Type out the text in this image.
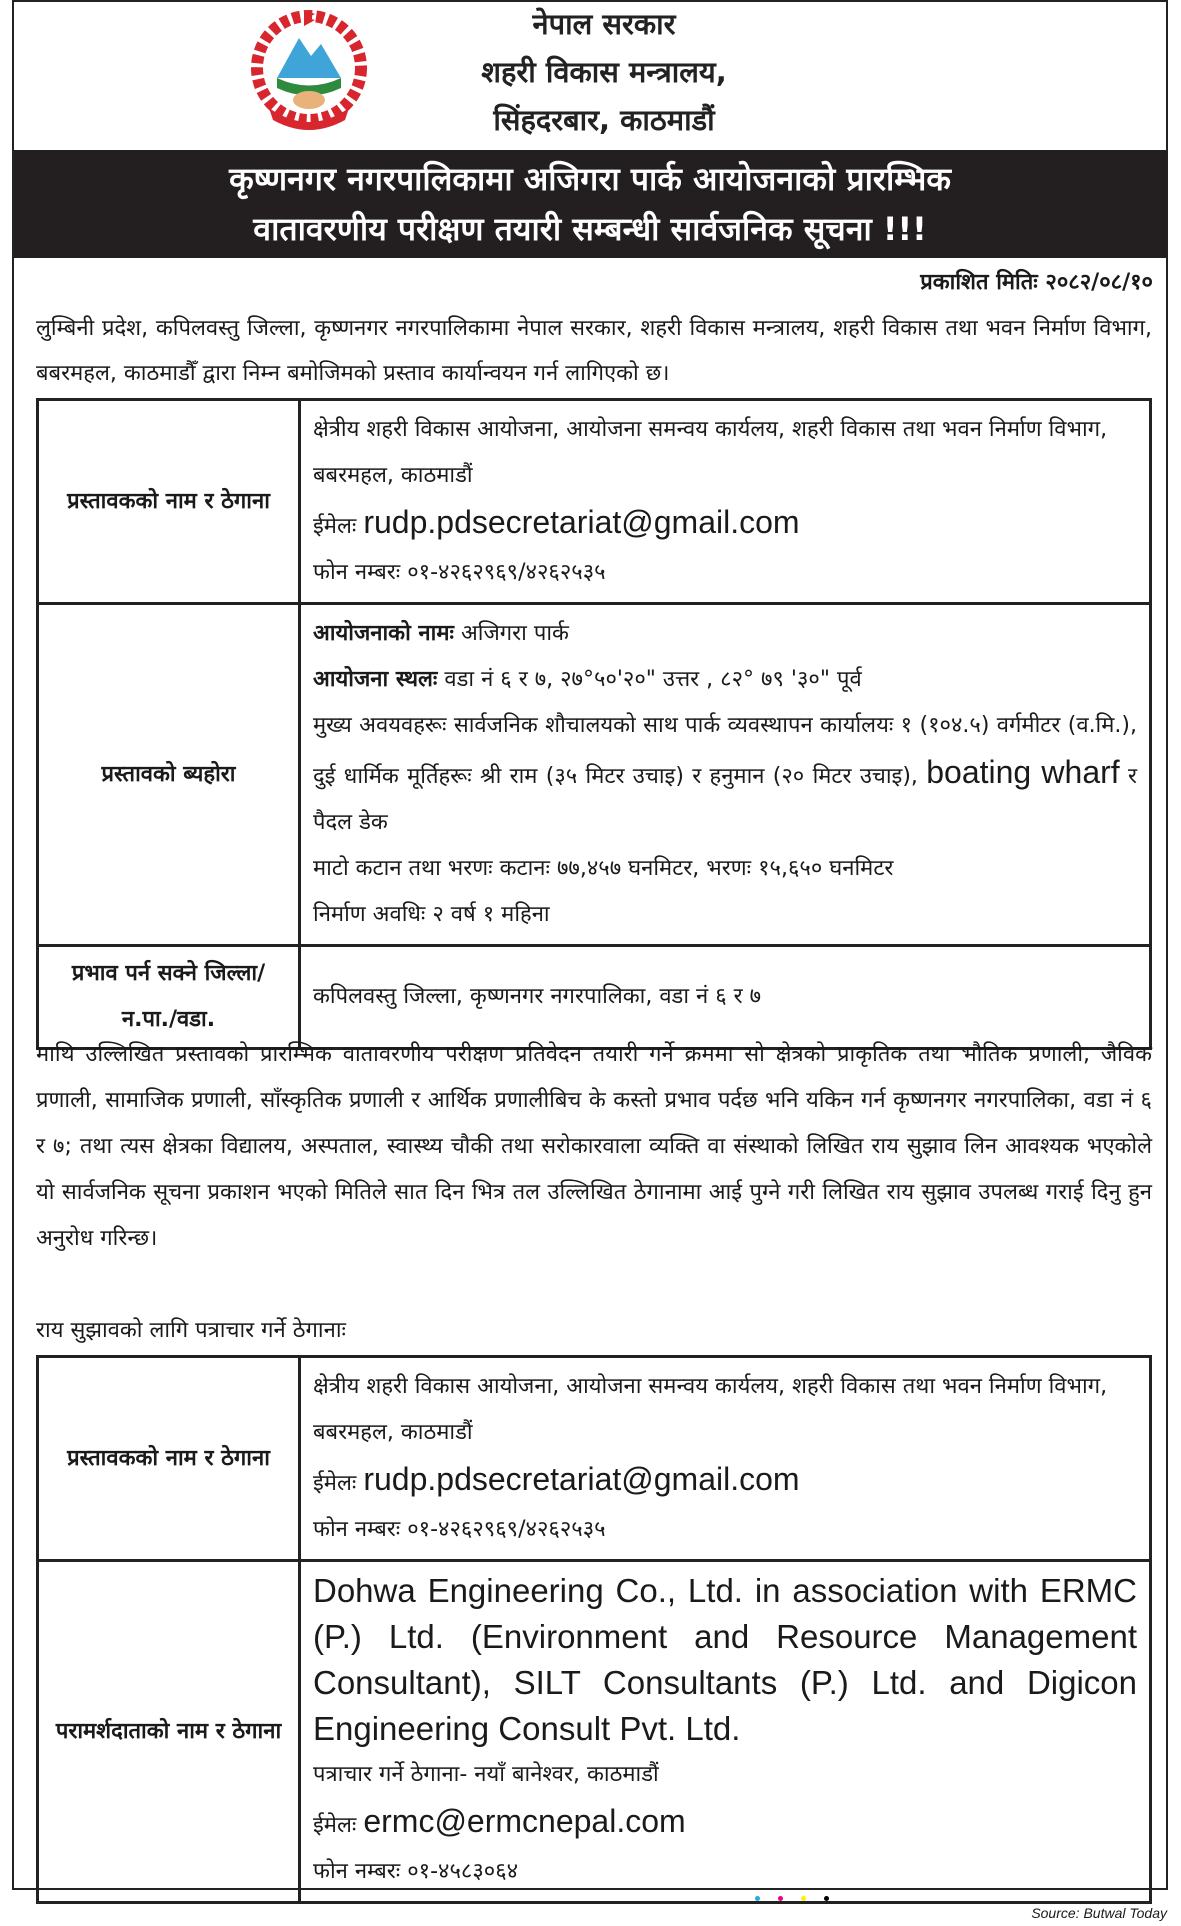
नेपाल सरकार
शहरी विकास मन्त्रालय,
सिंहदरबार, काठमाडौं
कृष्णनगर नगरपालिकामा अजिगरा पार्क आयोजनाको प्रारम्भिक
वातावरणीय परीक्षण तयारी सम्बन्धी सार्वजनिक सूचना !!!
प्रकाशित मितिः २०८२/०८/१०
लुम्बिनी प्रदेश, कपिलवस्तु जिल्ला, कृष्णनगर नगरपालिकामा नेपाल सरकार, शहरी विकास मन्त्रालय, शहरी विकास तथा भवन निर्माण विभाग, बबरमहल, काठमाडौँ द्वारा निम्न बमोजिमको प्रस्ताव कार्यान्वयन गर्न लागिएको छ।
प्रस्तावकको नाम र ठेगाना	क्षेत्रीय शहरी विकास आयोजना, आयोजना समन्वय कार्यलय, शहरी विकास तथा भवन निर्माण विभाग, बबरमहल, काठमाडौं
ईमेलः rudp.pdsecretariat@gmail.com
फोन नम्बरः ०१-४२६२९६९/४२६२५३५

प्रस्तावको ब्यहोरा	आयोजनाको नामः अजिगरा पार्क
आयोजना स्थलः वडा नं ६ र ७, २७°५०'२०" उत्तर , ८२° ७९ '३०" पूर्व
मुख्य अवयवहरूः सार्वजनिक शौचालयको साथ पार्क व्यवस्थापन कार्यालयः १ (१०४.५) वर्गमीटर (व.मि.), दुई धार्मिक मूर्तिहरूः श्री राम (३५ मिटर उचाइ) र हनुमान (२० मिटर उचाइ), boating wharf र पैदल डेक
माटो कटान तथा भरणः कटानः ७७,४५७ घनमिटर, भरणः १५,६५० घनमिटर
निर्माण अवधिः २ वर्ष १ महिना

प्रभाव पर्न सक्ने जिल्ला/न.पा./वडा.	कपिलवस्तु जिल्ला, कृष्णनगर नगरपालिका, वडा नं ६ र ७
माथि उल्लिखित प्रस्तावको प्रारम्भिक वातावरणीय परीक्षण प्रतिवेदन तयारी गर्ने क्रममा सो क्षेत्रको प्राकृतिक तथा भौतिक प्रणाली, जैविक प्रणाली, सामाजिक प्रणाली, साँस्कृतिक प्रणाली र आर्थिक प्रणालीबिच के कस्तो प्रभाव पर्दछ भनि यकिन गर्न कृष्णनगर नगरपालिका, वडा नं ६ र ७; तथा त्यस क्षेत्रका विद्यालय, अस्पताल, स्वास्थ्य चौकी तथा सरोकारवाला व्यक्ति वा संस्थाको लिखित राय सुझाव लिन आवश्यक भएकोले यो सार्वजनिक सूचना प्रकाशन भएको मितिले सात दिन भित्र तल उल्लिखित ठेगानामा आई पुग्ने गरी लिखित राय सुझाव उपलब्ध गराई दिनु हुन अनुरोध गरिन्छ।
राय सुझावको लागि पत्राचार गर्ने ठेगानाः
प्रस्तावकको नाम र ठेगाना	क्षेत्रीय शहरी विकास आयोजना, आयोजना समन्वय कार्यलय, शहरी विकास तथा भवन निर्माण विभाग, बबरमहल, काठमाडौं
ईमेलः rudp.pdsecretariat@gmail.com
फोन नम्बरः ०१-४२६२९६९/४२६२५३५

परामर्शदाताको नाम र ठेगाना	Dohwa Engineering Co., Ltd. in association with ERMC (P.) Ltd. (Environment and Resource Management Consultant), SILT Consultants (P.) Ltd. and Digicon Engineering Consult Pvt. Ltd.
पत्राचार गर्ने ठेगाना- नयाँ बानेश्वर, काठमाडौं
ईमेलः ermc@ermcnepal.com
फोन नम्बरः ०१-४५८३०६४
Source: Butwal Today
